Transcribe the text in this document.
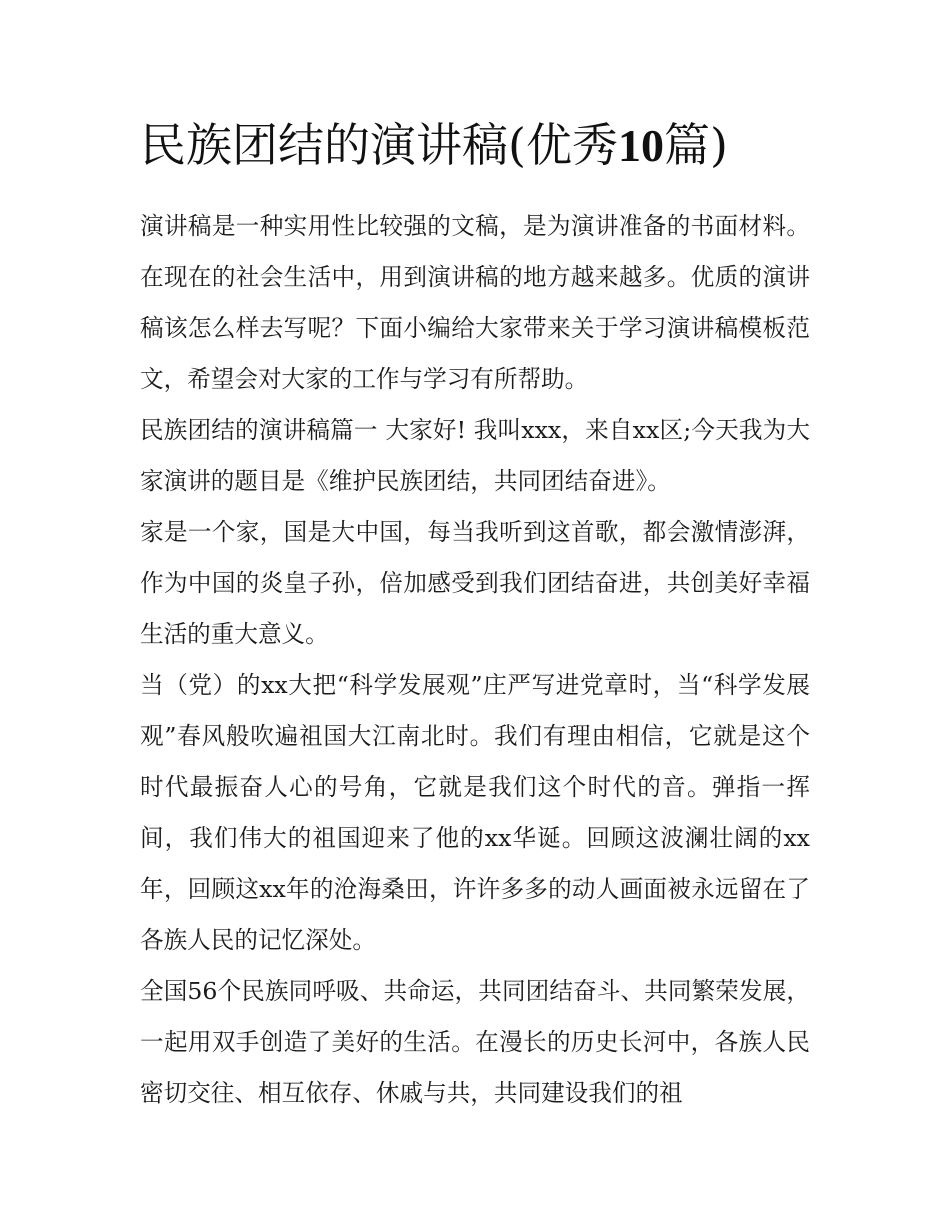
民族团结的演讲稿(优秀10篇)

演讲稿是一种实用性比较强的文稿，是为演讲准备的书面材料。在现在的社会生活中，用到演讲稿的地方越来越多。优质的演讲稿该怎么样去写呢？下面小编给大家带来关于学习演讲稿模板范文，希望会对大家的工作与学习有所帮助。

民族团结的演讲稿篇一 大家好! 我叫xxx，来自xx区;今天我为大家演讲的题目是《维护民族团结，共同团结奋进》。

家是一个家，国是大中国，每当我听到这首歌，都会激情澎湃，作为中国的炎皇子孙，倍加感受到我们团结奋进，共创美好幸福生活的重大意义。

当（党）的xx大把“科学发展观”庄严写进党章时，当“科学发展观”春风般吹遍祖国大江南北时。我们有理由相信，它就是这个时代最振奋人心的号角，它就是我们这个时代的音。弹指一挥间，我们伟大的祖国迎来了他的xx华诞。回顾这波澜壮阔的xx年，回顾这xx年的沧海桑田，许许多多的动人画面被永远留在了各族人民的记忆深处。

全国56个民族同呼吸、共命运，共同团结奋斗、共同繁荣发展，一起用双手创造了美好的生活。在漫长的历史长河中，各族人民密切交往、相互依存、休戚与共，共同建设我们的祖
